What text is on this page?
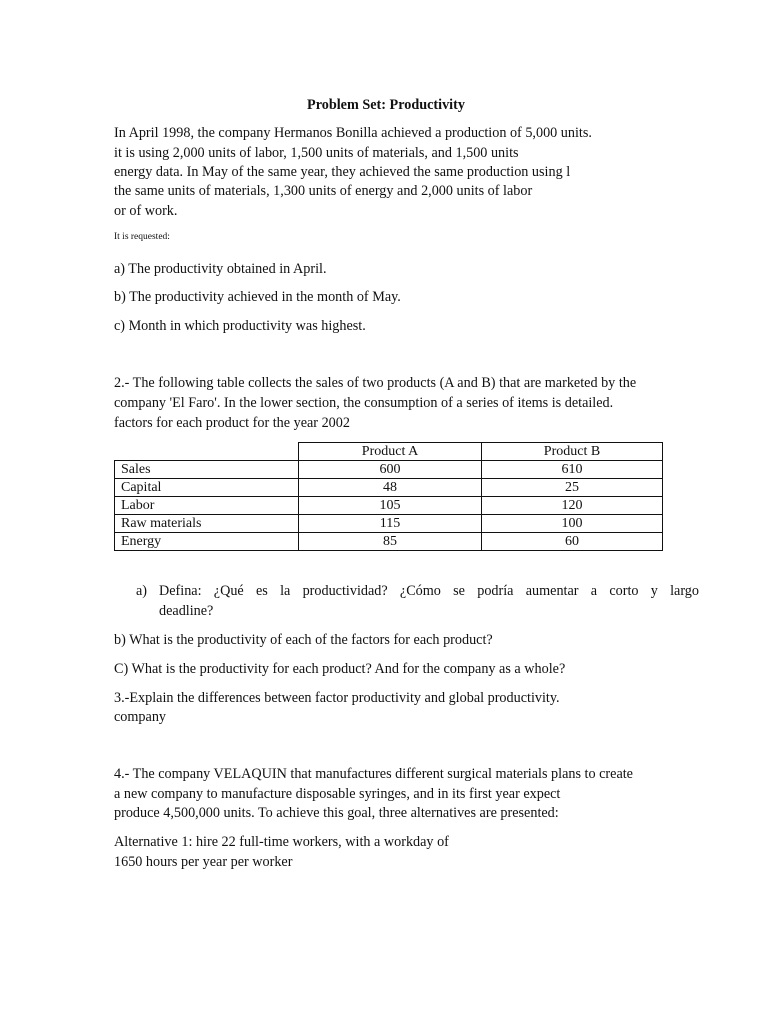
Problem Set: Productivity
In April 1998, the company Hermanos Bonilla achieved a production of 5,000 units.
it is using 2,000 units of labor, 1,500 units of materials, and 1,500 units
energy data. In May of the same year, they achieved the same production using l
the same units of materials, 1,300 units of energy and 2,000 units of labor
or of work.
It is requested:
a) The productivity obtained in April.
b) The productivity achieved in the month of May.
c) Month in which productivity was highest.
2.- The following table collects the sales of two products (A and B) that are marketed by the
company 'El Faro'. In the lower section, the consumption of a series of items is detailed.
factors for each product for the year 2002
	Product A	Product B
Sales	600	610
Capital	48	25
Labor	105	120
Raw materials	115	100
Energy	85	60
a) Defina: ¿Qué es la productividad? ¿Cómo se podría aumentar a corto y largo
deadline?
b) What is the productivity of each of the factors for each product?
C) What is the productivity for each product? And for the company as a whole?
3.-Explain the differences between factor productivity and global productivity.
company
4.- The company VELAQUIN that manufactures different surgical materials plans to create
a new company to manufacture disposable syringes, and in its first year expect
produce 4,500,000 units. To achieve this goal, three alternatives are presented:
Alternative 1: hire 22 full-time workers, with a workday of
1650 hours per year per worker
